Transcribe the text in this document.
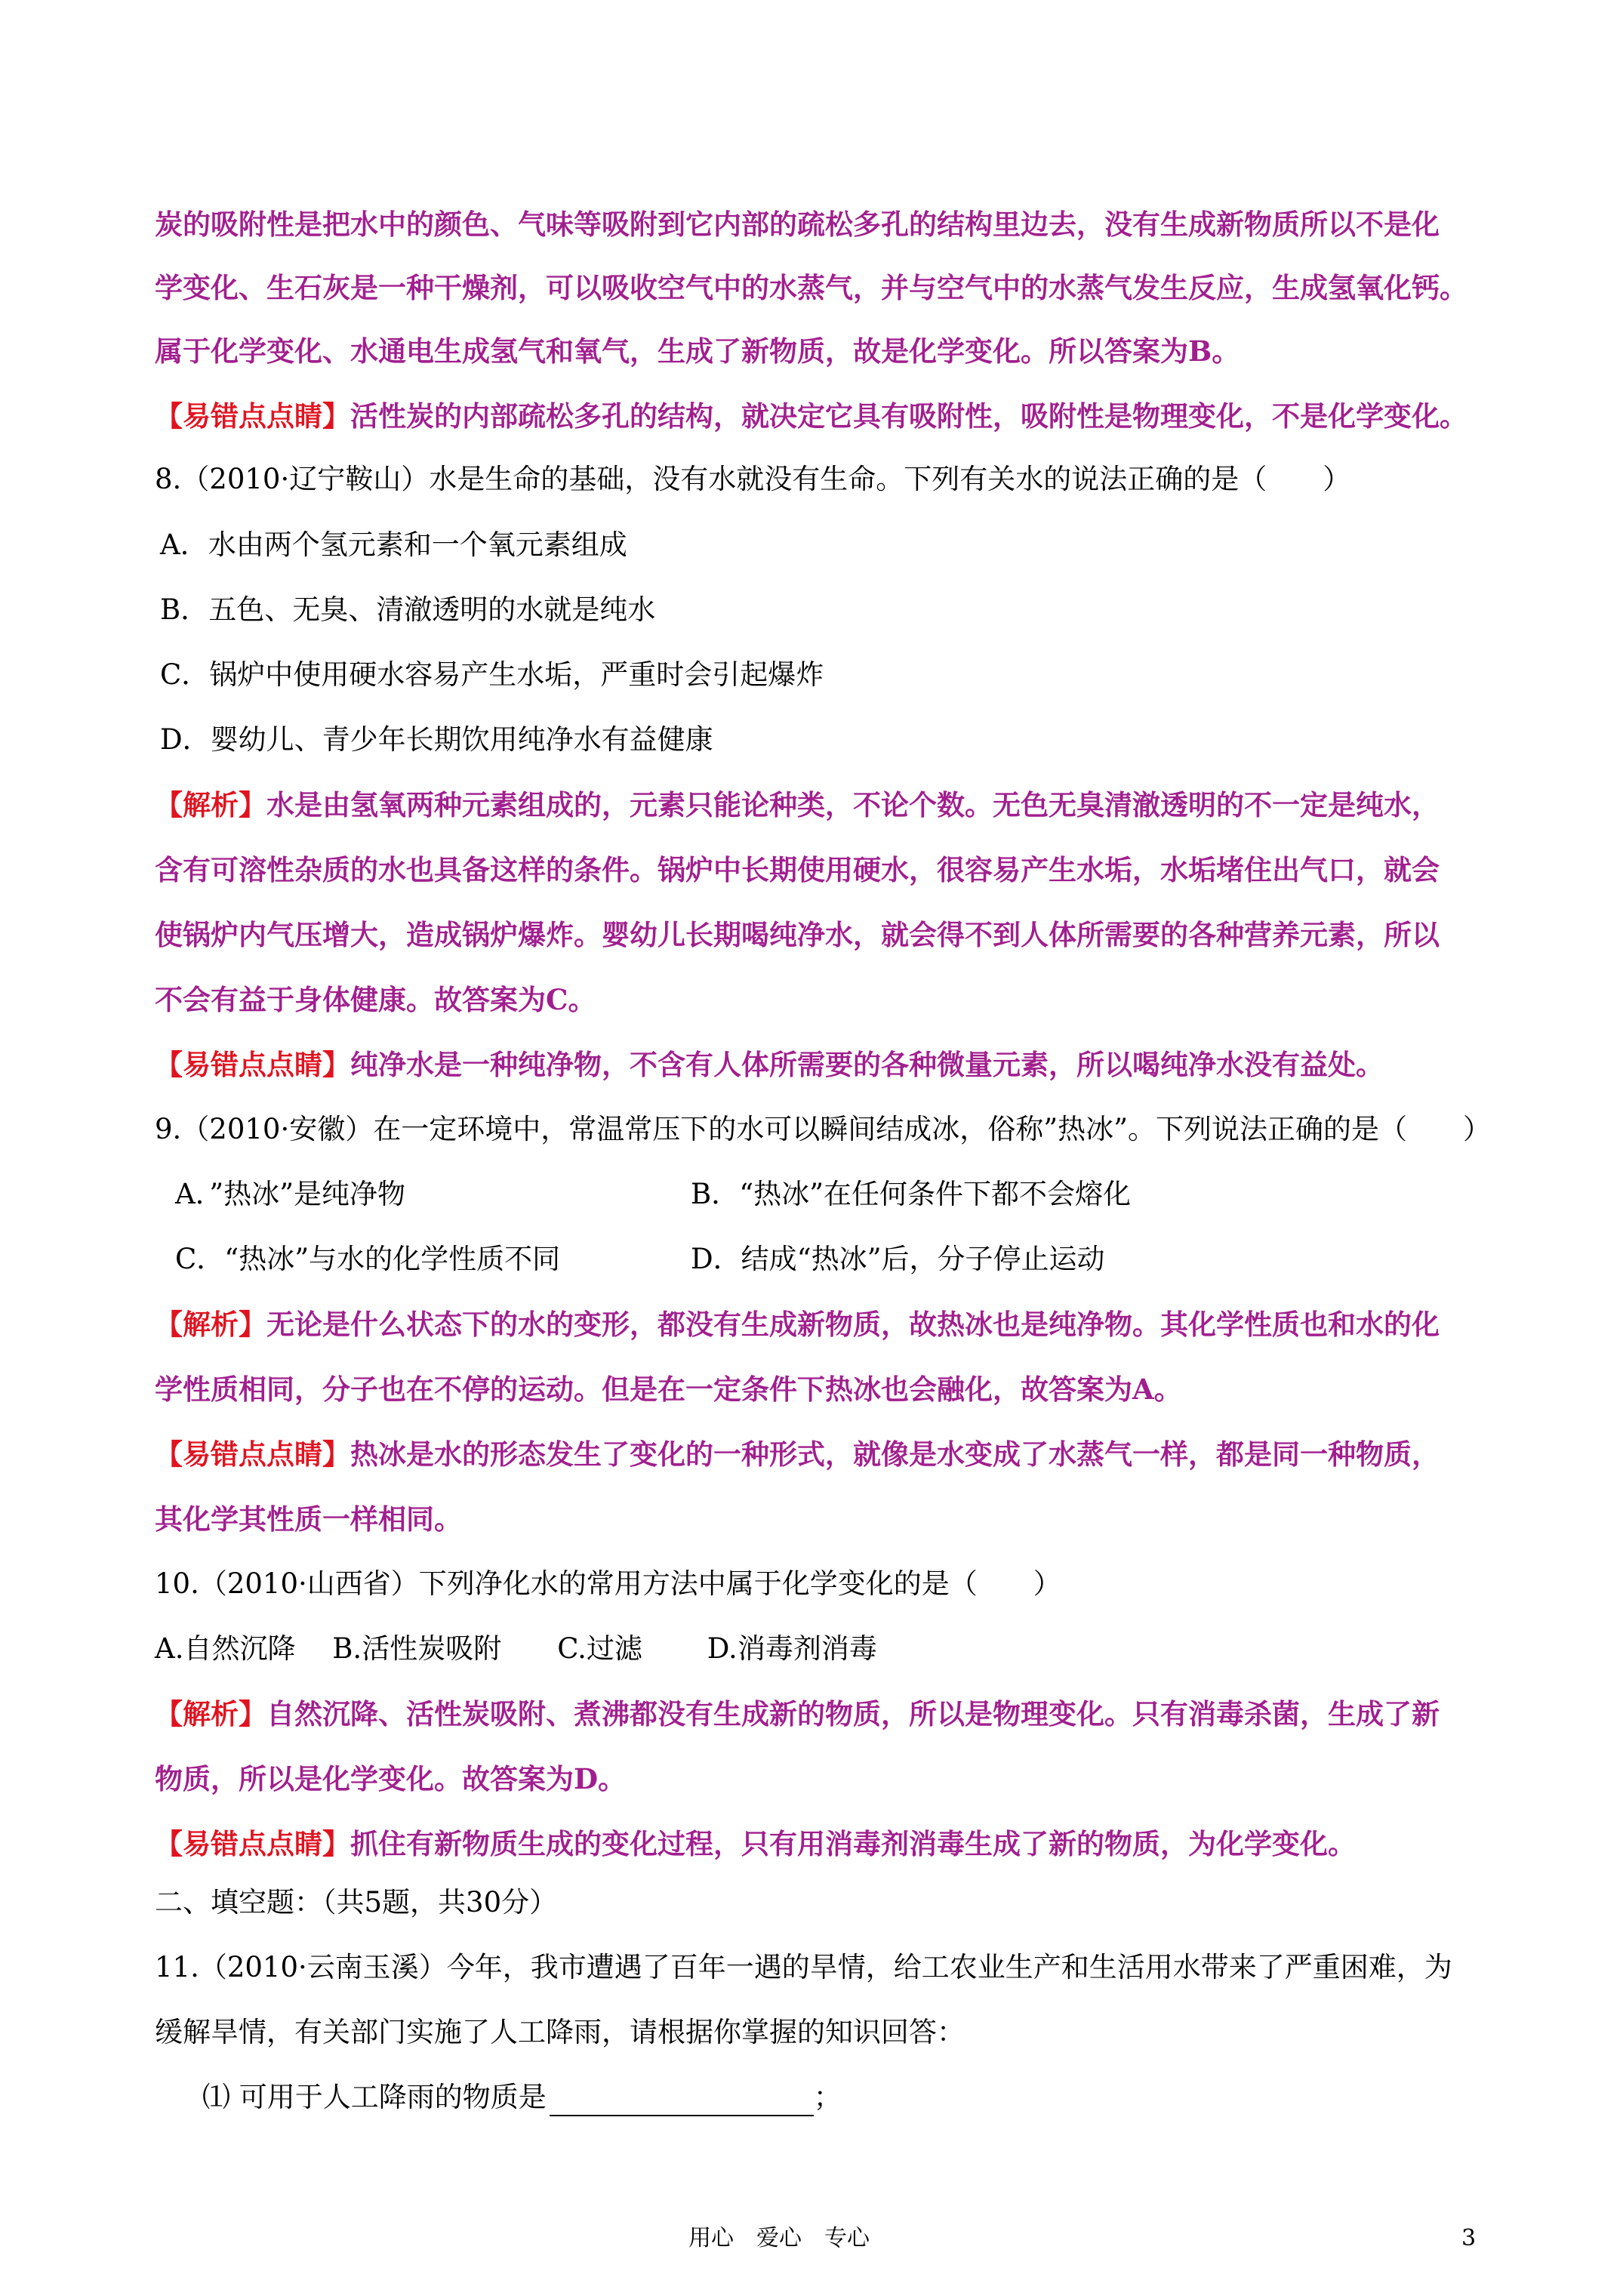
炭的吸附性是把水中的颜色、气味等吸附到它内部的疏松多孔的结构里边去，没有生成新物质所以不是化
学变化、生石灰是一种干燥剂，可以吸收空气中的水蒸气，并与空气中的水蒸气发生反应，生成氢氧化钙。
属于化学变化、水通电生成氢气和氧气，生成了新物质，故是化学变化。所以答案为B。
【易错点点睛】活性炭的内部疏松多孔的结构，就决定它具有吸附性，吸附性是物理变化，不是化学变化。
8.（2010·辽宁鞍山）水是生命的基础，没有水就没有生命。下列有关水的说法正确的是（　　）
A．水由两个氢元素和一个氧元素组成
B．五色、无臭、清澈透明的水就是纯水
C．锅炉中使用硬水容易产生水垢，严重时会引起爆炸
D．婴幼儿、青少年长期饮用纯净水有益健康
【解析】水是由氢氧两种元素组成的，元素只能论种类，不论个数。无色无臭清澈透明的不一定是纯水，
含有可溶性杂质的水也具备这样的条件。锅炉中长期使用硬水，很容易产生水垢，水垢堵住出气口，就会
使锅炉内气压增大，造成锅炉爆炸。婴幼儿长期喝纯净水，就会得不到人体所需要的各种营养元素，所以
不会有益于身体健康。故答案为C。
【易错点点睛】纯净水是一种纯净物，不含有人体所需要的各种微量元素，所以喝纯净水没有益处。
9.（2010·安徽）在一定环境中，常温常压下的水可以瞬间结成冰，俗称”热冰”。下列说法正确的是（　　）
A．”热冰”是纯净物	B．“热冰”在任何条件下都不会熔化
C．“热冰”与水的化学性质不同	D．结成“热冰”后，分子停止运动
【解析】无论是什么状态下的水的变形，都没有生成新物质，故热冰也是纯净物。其化学性质也和水的化
学性质相同，分子也在不停的运动。但是在一定条件下热冰也会融化，故答案为A。
【易错点点睛】热冰是水的形态发生了变化的一种形式，就像是水变成了水蒸气一样，都是同一种物质，
其化学其性质一样相同。
10.（2010·山西省）下列净化水的常用方法中属于化学变化的是（　　）
A.自然沉降　 B.活性炭吸附　　C.过滤　　 D.消毒剂消毒
【解析】自然沉降、活性炭吸附、煮沸都没有生成新的物质，所以是物理变化。只有消毒杀菌，生成了新
物质，所以是化学变化。故答案为D。
【易错点点睛】抓住有新物质生成的变化过程，只有用消毒剂消毒生成了新的物质，为化学变化。
二、填空题：（共5题，共30分）
11.（2010·云南玉溪）今年，我市遭遇了百年一遇的旱情，给工农业生产和生活用水带来了严重困难，为
缓解旱情，有关部门实施了人工降雨，请根据你掌握的知识回答：
⑴ 可用于人工降雨的物质是	；
用心　爱心　专心	3
